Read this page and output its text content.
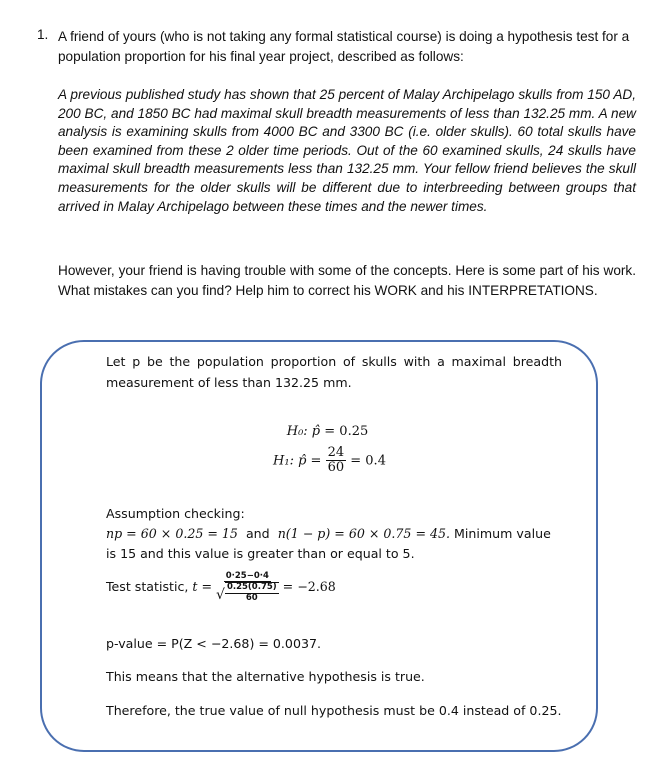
1. A friend of yours (who is not taking any formal statistical course) is doing a hypothesis test for a population proportion for his final year project, described as follows:
A previous published study has shown that 25 percent of Malay Archipelago skulls from 150 AD, 200 BC, and 1850 BC had maximal skull breadth measurements of less than 132.25 mm. A new analysis is examining skulls from 4000 BC and 3300 BC (i.e. older skulls). 60 total skulls have been examined from these 2 older time periods. Out of the 60 examined skulls, 24 skulls have maximal skull breadth measurements less than 132.25 mm. Your fellow friend believes the skull measurements for the older skulls will be different due to interbreeding between groups that arrived in Malay Archipelago between these times and the newer times.
However, your friend is having trouble with some of the concepts. Here is some part of his work. What mistakes can you find? Help him to correct his WORK and his INTERPRETATIONS.
Let p be the population proportion of skulls with a maximal breadth measurement of less than 132.25 mm.
H₀: p̂ = 0.25
H₁: p̂ = $\frac{24}{60} = 0.4$
Assumption checking:
np = 60 × 0.25 = 15 and n(1 − p) = 60 × 0.75 = 45. Minimum value
is 15 and this value is greater than or equal to 5.
Test statistic, $t = \frac{0\cdot 25-0\cdot 4}{√ \frac{0.25(0.75)}{60}} = -2.68$
p-value = P(Z < −2.68) = 0.0037.
This means that the alternative hypothesis is true.
Therefore, the true value of null hypothesis must be 0.4 instead of 0.25.
